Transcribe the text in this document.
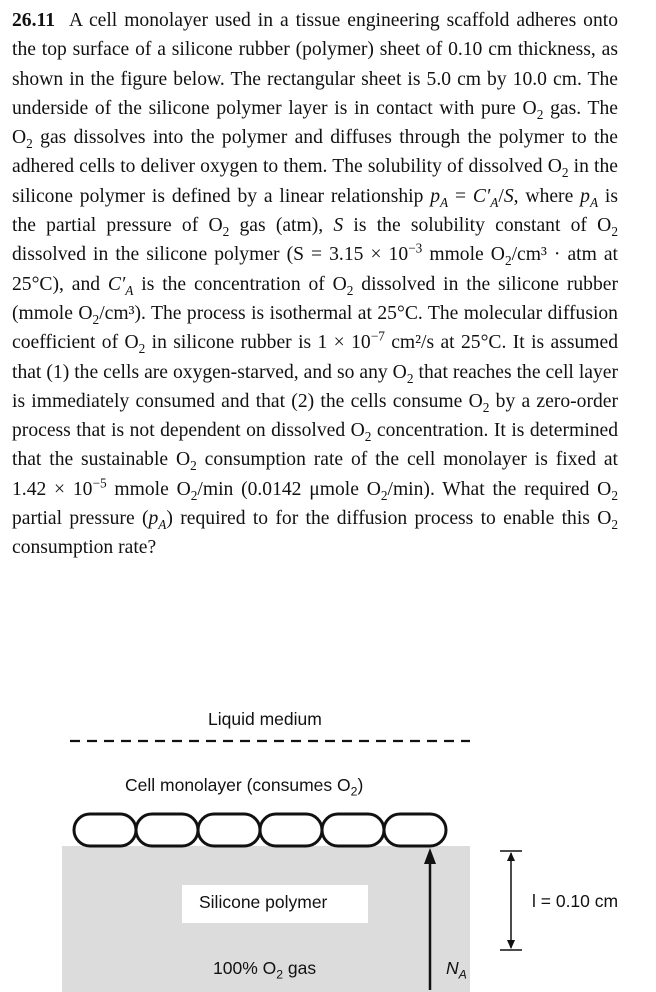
26.11 A cell monolayer used in a tissue engineering scaffold adheres onto the top surface of a silicone rubber (polymer) sheet of 0.10 cm thickness, as shown in the figure below. The rectangular sheet is 5.0 cm by 10.0 cm. The underside of the silicone polymer layer is in contact with pure $O_2$ gas. The $O_2$ gas dissolves into the polymer and diffuses through the polymer to the adhered cells to deliver oxygen to them. The solubility of dissolved $O_2$ in the silicone polymer is defined by a linear relationship $p_A = C'_A/S$, where $p_A$ is the partial pressure of $O_2$ gas (atm), S is the solubility constant of $O_2$ dissolved in the silicone polymer ($S = 3.15 \times 10^{-3}$ mmole $O_2$/cm³ · atm at 25°C), and $C'_A$ is the concentration of $O_2$ dissolved in the silicone rubber (mmole $O_2/cm^3$). The process is isothermal at 25°C. The molecular diffusion coefficient of $O_2$ in silicone rubber is $1 \times 10^{-7}$ cm²/s at 25°C. It is assumed that (1) the cells are oxygen-starved, and so any $O_2$ that reaches the cell layer is immediately consumed and that (2) the cells consume $O_2$ by a zero-order process that is not dependent on dissolved $O_2$ concentration. It is determined that the sustainable $O_2$ consumption rate of the cell monolayer is fixed at $1.42 \times 10^{-5}$ mmole $O_2/\min$ (0.0142 μmole $O_2/\min$). What the required $O_2$ partial pressure $(p_A)$ required to for the diffusion process to enable this $O_2$ consumption rate?
Liquid medium
Cell monolayer (consumes $O_2$)
Silicone polymer
100% $O_2$ gas	$N_A$
l = 0.10 cm
